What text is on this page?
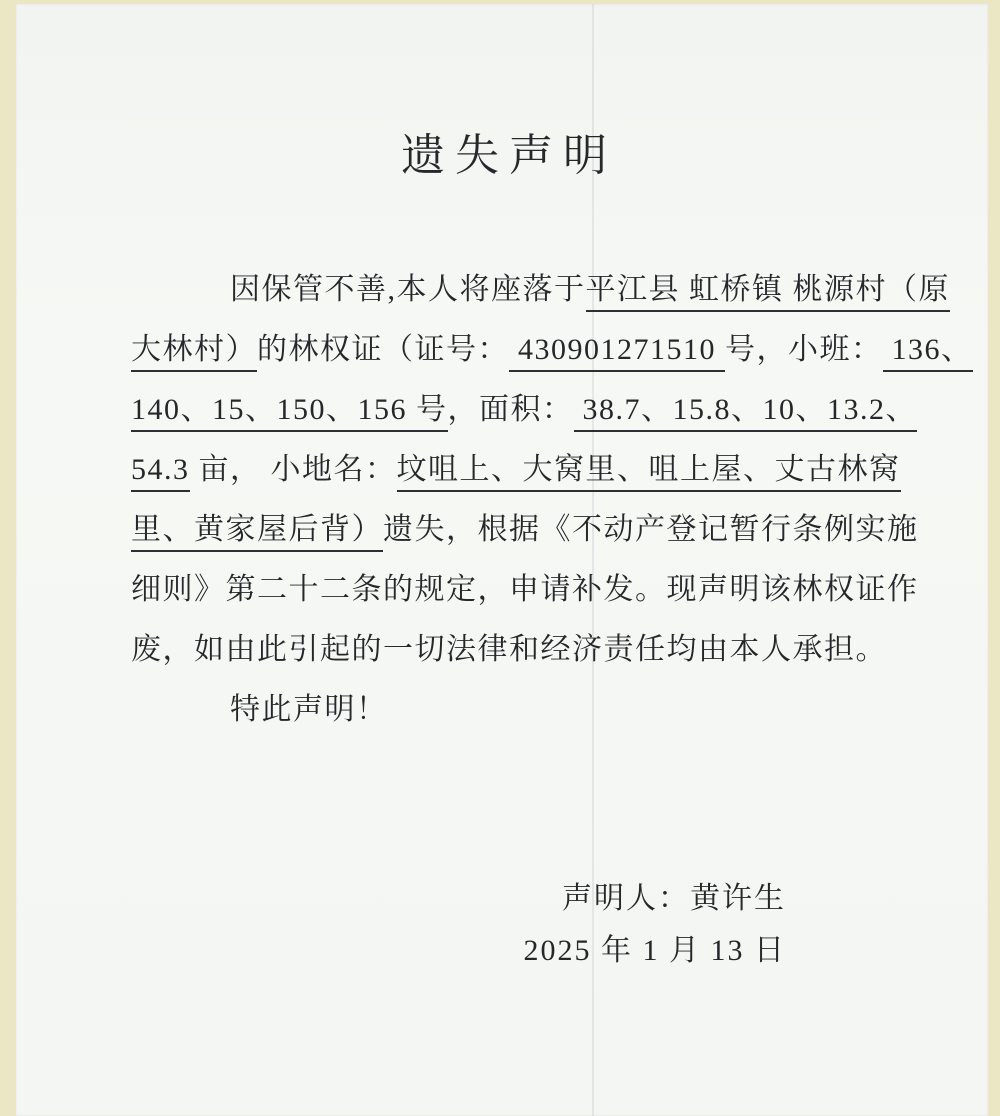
遗失声明
因保管不善,本人将座落于平江县 虹桥镇 桃源村（原
大林村）的林权证（证号： 430901271510 号，小班： 136、
140、15、150、156 号，面积： 38.7、15.8、10、13.2、
54.3 亩， 小地名：坟咀上、大窝里、咀上屋、丈古林窝
里、黄家屋后背）遗失，根据《不动产登记暂行条例实施
细则》第二十二条的规定，申请补发。现声明该林权证作
废，如由此引起的一切法律和经济责任均由本人承担。
特此声明！
声明人：黄许生
2025 年 1 月 13 日
